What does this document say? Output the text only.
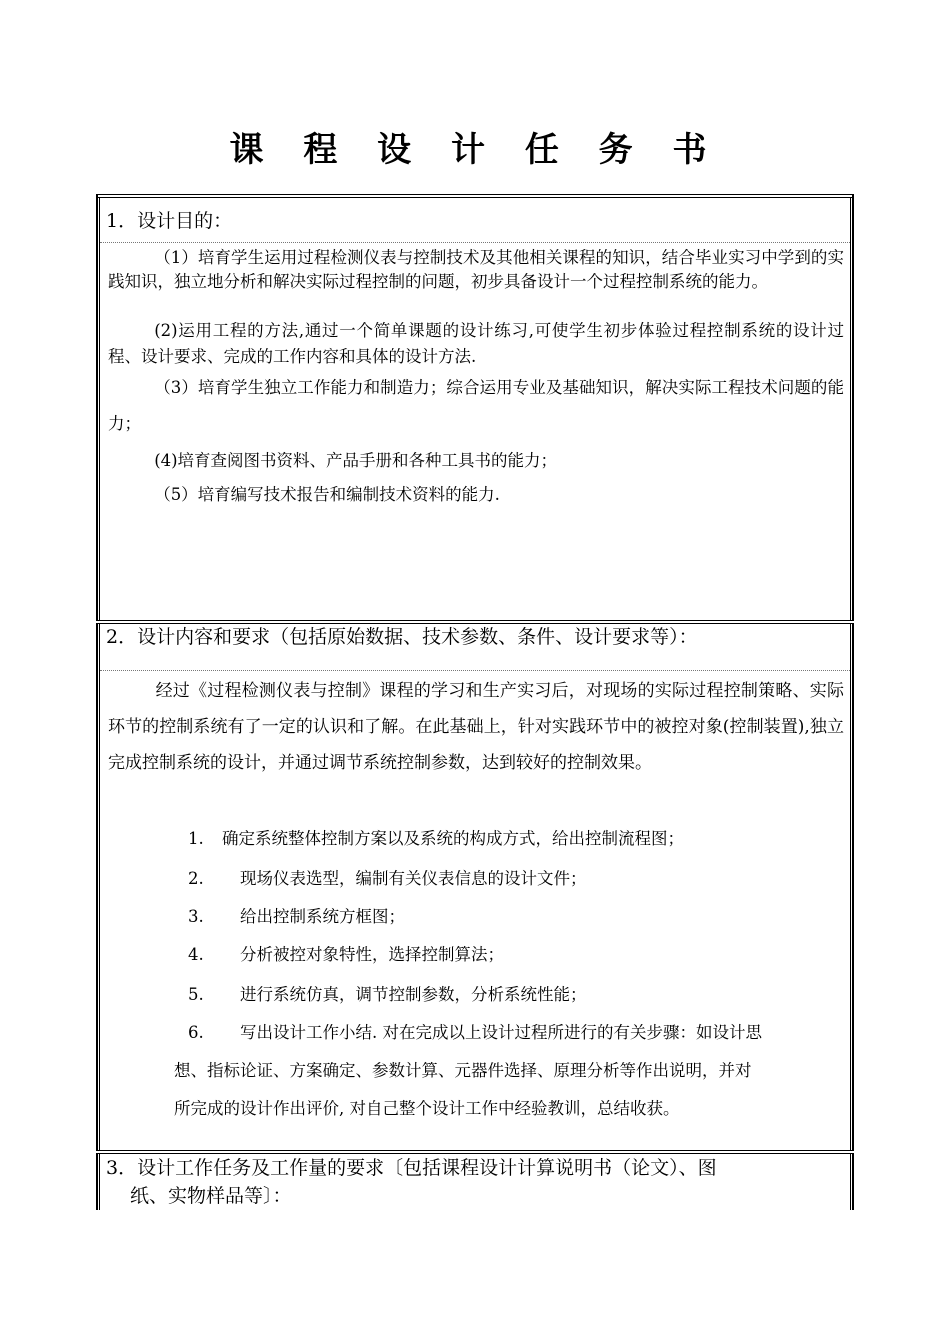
课 程 设 计 任 务 书
1．设计目的：
（1）培育学生运用过程检测仪表与控制技术及其他相关课程的知识，结合毕业实习中学到的实践知识，独立地分析和解决实际过程控制的问题，初步具备设计一个过程控制系统的能力。
(2)运用工程的方法,通过一个简单课题的设计练习,可使学生初步体验过程控制系统的设计过程、设计要求、完成的工作内容和具体的设计方法.
（3）培育学生独立工作能力和制造力；综合运用专业及基础知识，解决实际工程技术问题的能力；
(4)培育查阅图书资料、产品手册和各种工具书的能力；
（5）培育编写技术报告和编制技术资料的能力.
2．设计内容和要求（包括原始数据、技术参数、条件、设计要求等）：
经过《过程检测仪表与控制》课程的学习和生产实习后，对现场的实际过程控制策略、实际环节的控制系统有了一定的认识和了解。在此基础上，针对实践环节中的被控对象(控制装置),独立完成控制系统的设计，并通过调节系统控制参数，达到较好的控制效果。
1. 确定系统整体控制方案以及系统的构成方式，给出控制流程图；
2. 现场仪表选型，编制有关仪表信息的设计文件；
3. 给出控制系统方框图；
4. 分析被控对象特性，选择控制算法；
5. 进行系统仿真，调节控制参数，分析系统性能；
6. 写出设计工作小结. 对在完成以上设计过程所进行的有关步骤：如设计思
想、指标论证、方案确定、参数计算、元器件选择、原理分析等作出说明，并对
所完成的设计作出评价, 对自己整个设计工作中经验教训，总结收获。
3．设计工作任务及工作量的要求〔包括课程设计计算说明书（论文）、图
纸、实物样品等〕：
